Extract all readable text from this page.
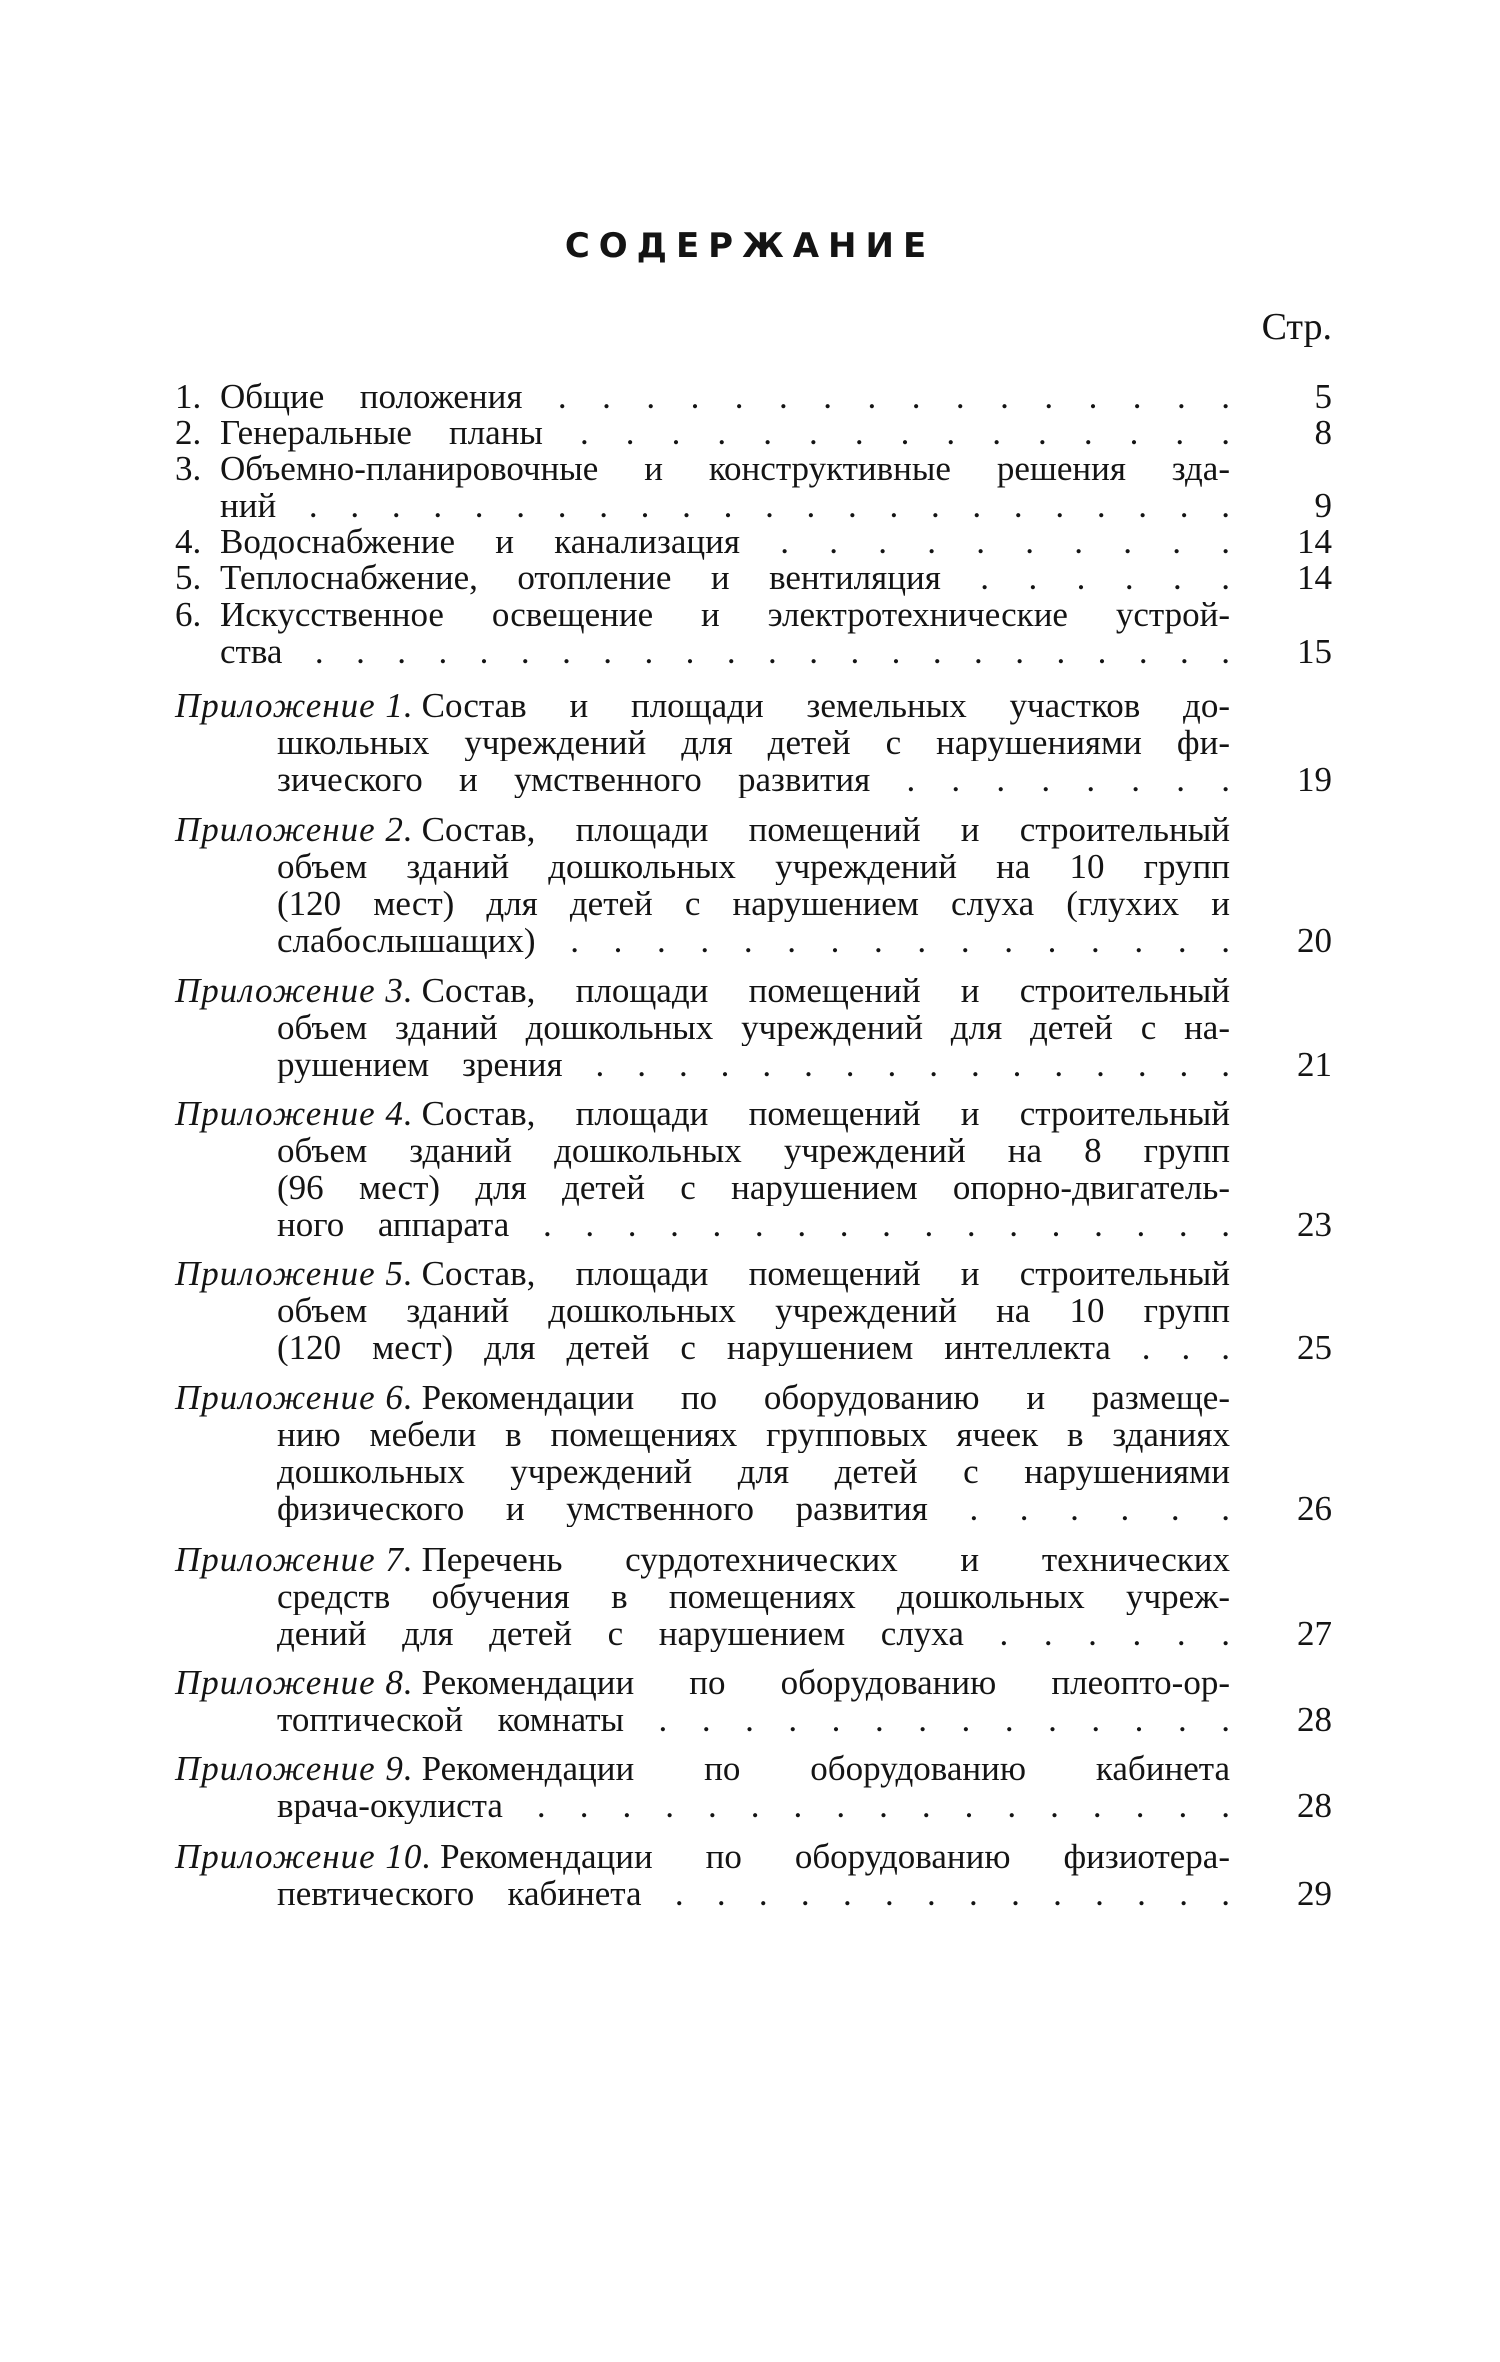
СОДЕРЖАНИЕ
Стр.
1. Общие положения . . . . . . . . . . . . . . . .	5
2. Генеральные планы . . . . . . . . . . . . . . .	8
3. Объемно-планировочные и конструктивные решения зда-
ний . . . . . . . . . . . . . . . . . . . . . . .	9
4. Водоснабжение и канализация . . . . . . . . . .	14
5. Теплоснабжение, отопление и вентиляция . . . . . .	14
6. Искусственное освещение и электротехнические устрой-
ства . . . . . . . . . . . . . . . . . . . . . . .	15
Приложение 1. Состав и площади земельных участков до-
школьных учреждений для детей с нарушениями фи-
зического и умственного развития . . . . . . . .	19
Приложение 2. Состав, площади помещений и строительный
объем зданий дошкольных учреждений на 10 групп
(120 мест) для детей с нарушением слуха (глухих и
слабослышащих) . . . . . . . . . . . . . . . .	20
Приложение 3. Состав, площади помещений и строительный
объем зданий дошкольных учреждений для детей с на-
рушением зрения . . . . . . . . . . . . . . . .	21
Приложение 4. Состав, площади помещений и строительный
объем зданий дошкольных учреждений на 8 групп
(96 мест) для детей с нарушением опорно-двигатель-
ного аппарата . . . . . . . . . . . . . . . . .	23
Приложение 5. Состав, площади помещений и строительный
объем зданий дошкольных учреждений на 10 групп
(120 мест) для детей с нарушением интеллекта . . .	25
Приложение 6. Рекомендации по оборудованию и размеще-
нию мебели в помещениях групповых ячеек в зданиях
дошкольных учреждений для детей с нарушениями
физического и умственного развития . . . . . .	26
Приложение 7. Перечень сурдотехнических и технических
средств обучения в помещениях дошкольных учреж-
дений для детей с нарушением слуха . . . . . .	27
Приложение 8. Рекомендации по оборудованию плеопто-ор-
топтической комнаты . . . . . . . . . . . . . .	28
Приложение 9. Рекомендации по оборудованию кабинета
врача-окулиста . . . . . . . . . . . . . . . . .	28
Приложение 10. Рекомендации по оборудованию физиотера-
певтического кабинета . . . . . . . . . . . . . .	29
